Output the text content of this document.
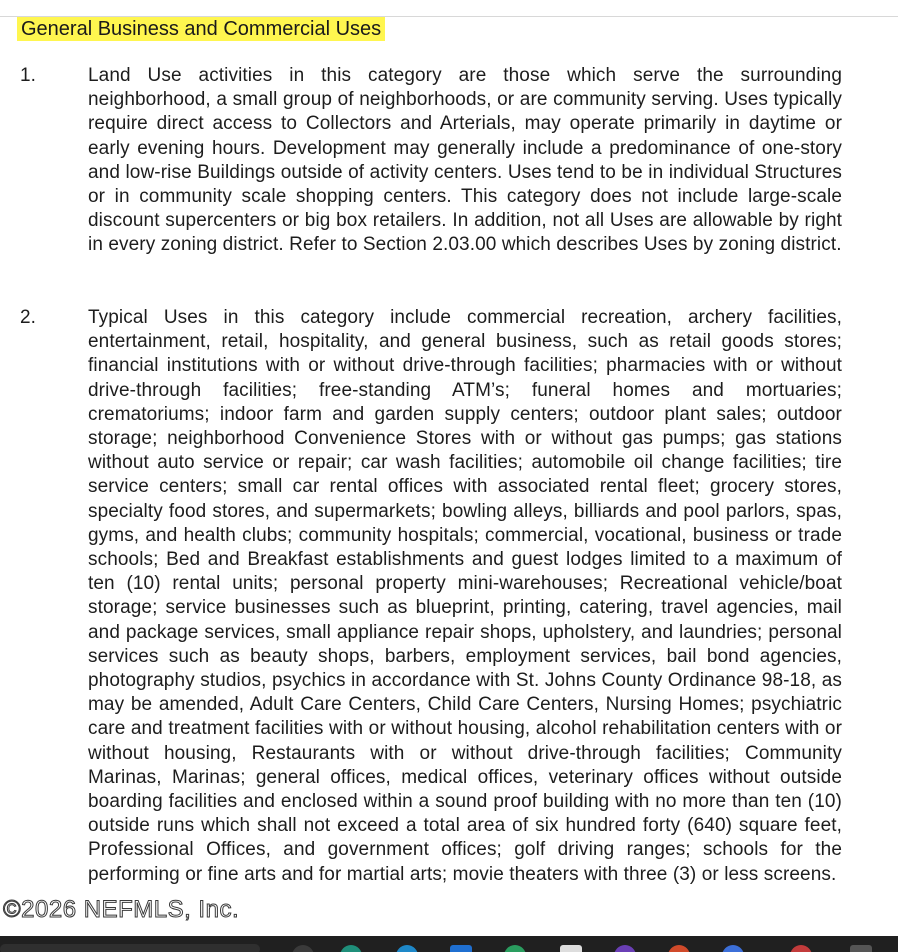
General Business and Commercial Uses
1.	Land Use activities in this category are those which serve the surrounding neighborhood, a small group of neighborhoods, or are community serving. Uses typically require direct access to Collectors and Arterials, may operate primarily in daytime or early evening hours. Development may generally include a predominance of one-story and low-rise Buildings outside of activity centers. Uses tend to be in individual Structures or in community scale shopping centers. This category does not include large-scale discount supercenters or big box retailers. In addition, not all Uses are allowable by right in every zoning district. Refer to Section 2.03.00 which describes Uses by zoning district.

2.	Typical Uses in this category include commercial recreation, archery facilities, entertainment, retail, hospitality, and general business, such as retail goods stores; financial institutions with or without drive-through facilities; pharmacies with or without drive-through facilities; free-standing ATM’s; funeral homes and mortuaries; crematoriums; indoor farm and garden supply centers; outdoor plant sales; outdoor storage; neighborhood Convenience Stores with or without gas pumps; gas stations without auto service or repair; car wash facilities; automobile oil change facilities; tire service centers; small car rental offices with associated rental fleet; grocery stores, specialty food stores, and supermarkets; bowling alleys, billiards and pool parlors, spas, gyms, and health clubs; community hospitals; commercial, vocational, business or trade schools; Bed and Breakfast establishments and guest lodges limited to a maximum of ten (10) rental units; personal property mini-warehouses; Recreational vehicle/boat storage; service businesses such as blueprint, printing, catering, travel agencies, mail and package services, small appliance repair shops, upholstery, and laundries; personal services such as beauty shops, barbers, employment services, bail bond agencies, photography studios, psychics in accordance with St. Johns County Ordinance 98-18, as may be amended, Adult Care Centers, Child Care Centers, Nursing Homes; psychiatric care and treatment facilities with or without housing, alcohol rehabilitation centers with or without housing, Restaurants with or without drive-through facilities; Community Marinas, Marinas; general offices, medical offices, veterinary offices without outside boarding facilities and enclosed within a sound proof building with no more than ten (10) outside runs which shall not exceed a total area of six hundred forty (640) square feet, Professional Offices, and government offices; golf driving ranges; schools for the performing or fine arts and for martial arts; movie theaters with three (3) or less screens.

©2026 NEFMLS, Inc.
